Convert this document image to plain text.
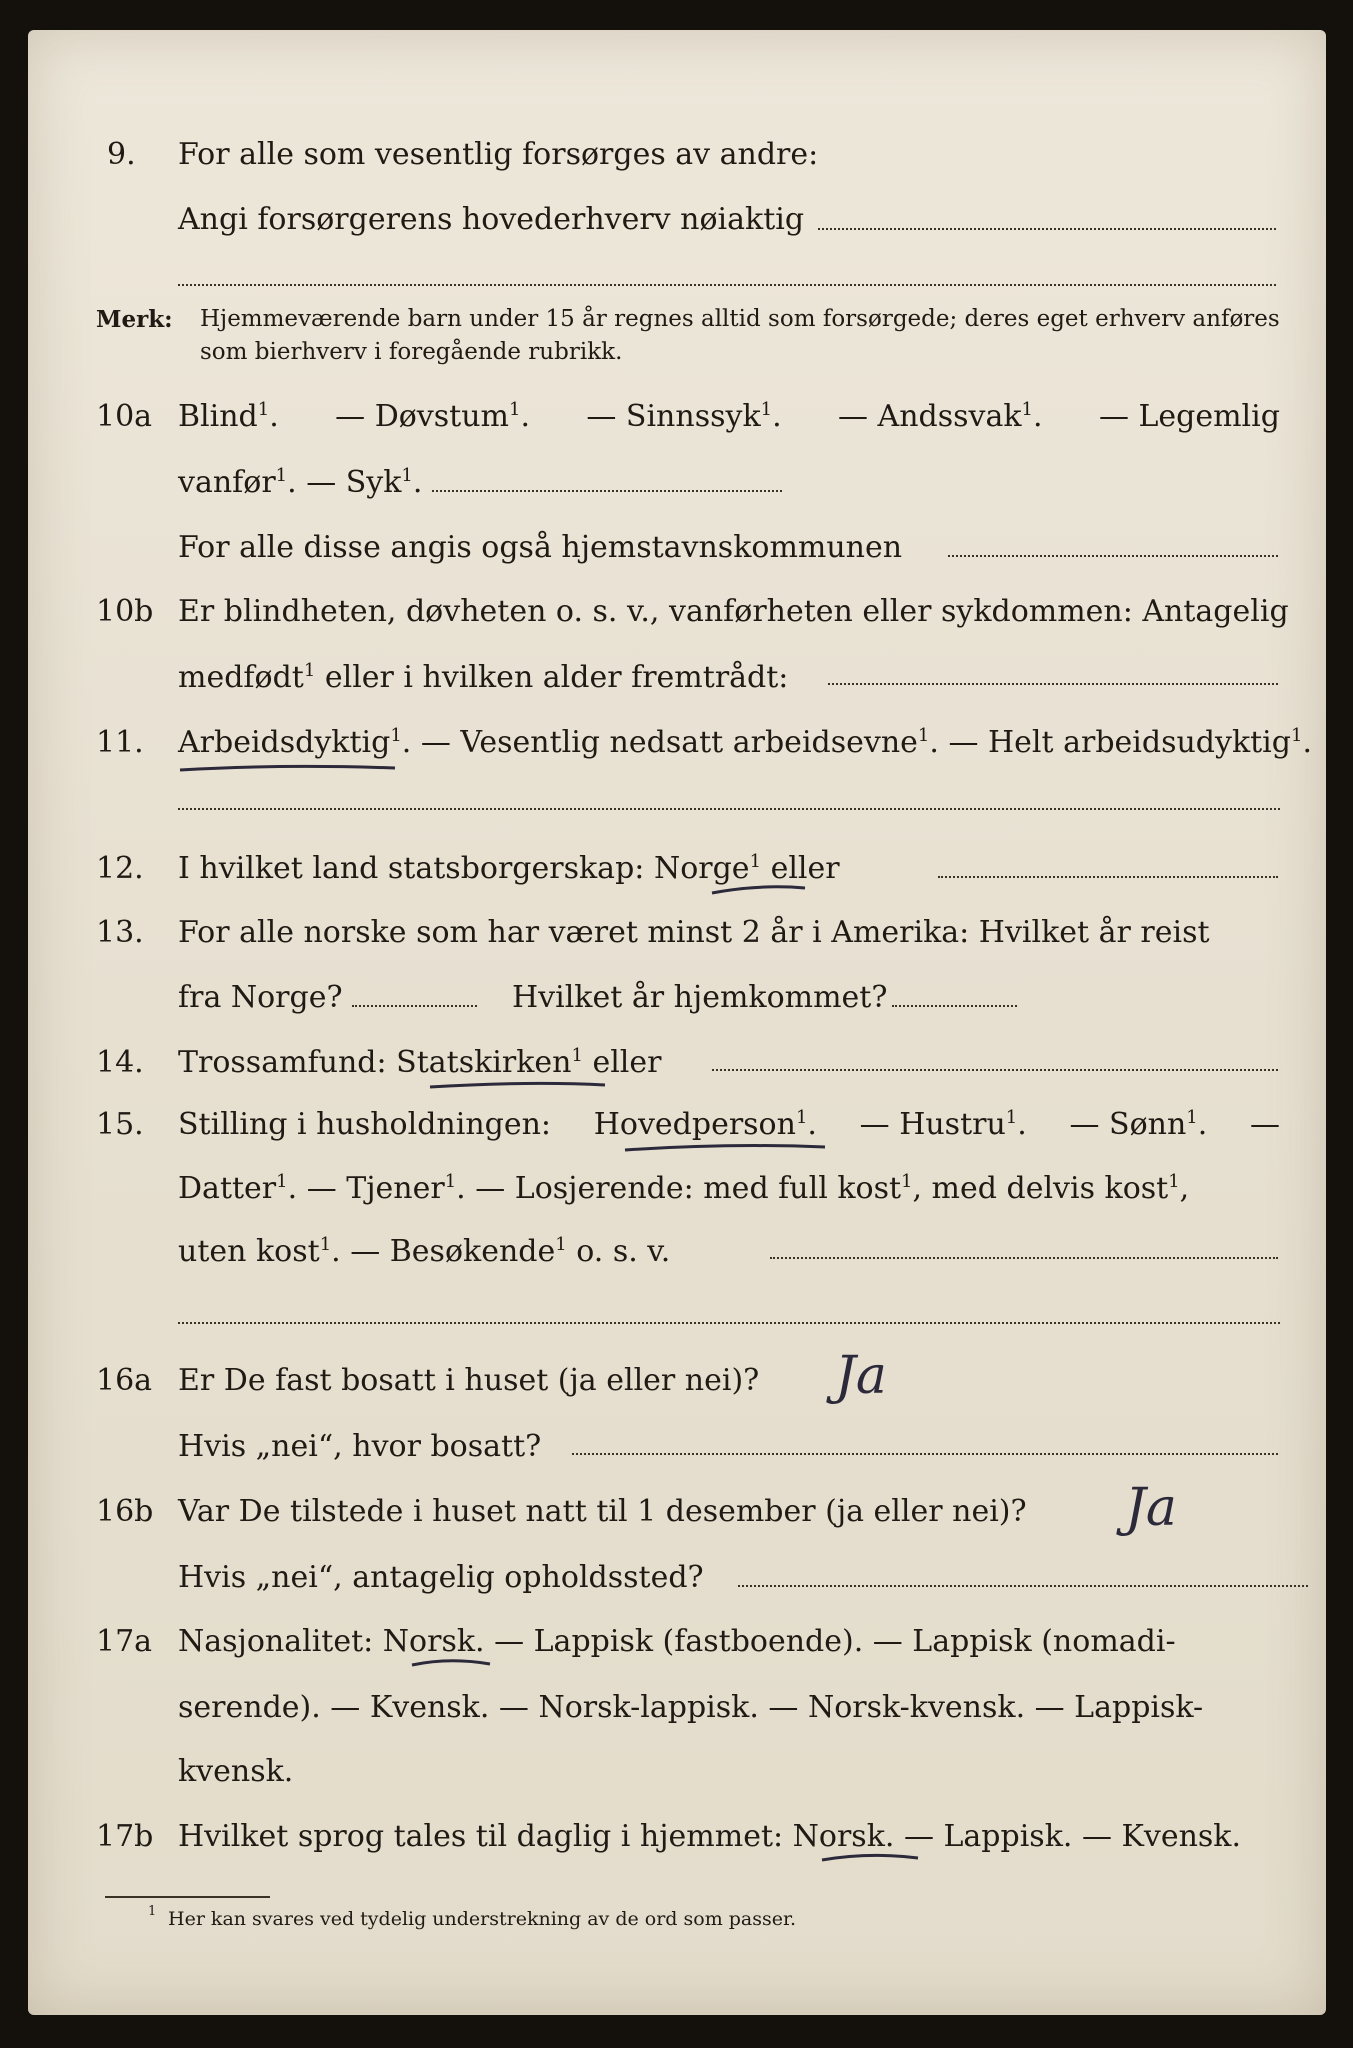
9. For alle som vesentlig forsørges av andre:
Angi forsørgerens hovederhverv nøiaktig
Merk: Hjemmeværende barn under 15 år regnes alltid som forsørgede; deres eget erhverv anføres som bierhverv i foregående rubrikk.
10a Blind$^1$. — Døvstum$^1$. — Sinnssyk$^1$. — Andssvak$^1$. — Legemlig
vanfør$^1$. — Syk$^1$.
For alle disse angis også hjemstavnskommunen
10b Er blindheten, døvheten o. s. v., vanførheten eller sykdommen: Antagelig
medfødt$^1$ eller i hvilken alder fremtrådt:
11. Arbeidsdyktig$^1$. — Vesentlig nedsatt arbeidsevne$^1$. — Helt arbeidsudyktig$^1$.
12. I hvilket land statsborgerskap: Norge$^1$ eller
13. For alle norske som har været minst 2 år i Amerika: Hvilket år reist
fra Norge?	Hvilket år hjemkommet?
14. Trossamfund: Statskirken$^1$ eller
15. Stilling i husholdningen: Hovedperson$^1$. — Hustru$^1$. — Sønn$^1$. —
Datter$^1$. — Tjener$^1$. — Losjerende: med full kost$^1$, med delvis kost$^1$,
uten kost$^1$. — Besøkende$^1$ o. s. v.
16a Er De fast bosatt i huset (ja eller nei)? Ja
Hvis „nei“, hvor bosatt?
16b Var De tilstede i huset natt til 1 desember (ja eller nei)? Ja
Hvis „nei“, antagelig opholdssted?
17a Nasjonalitet: Norsk. — Lappisk (fastboende). — Lappisk (nomadi-
serende). — Kvensk. — Norsk-lappisk. — Norsk-kvensk. — Lappisk-
kvensk.
17b Hvilket sprog tales til daglig i hjemmet: Norsk. — Lappisk. — Kvensk.
1 Her kan svares ved tydelig understrekning av de ord som passer.
